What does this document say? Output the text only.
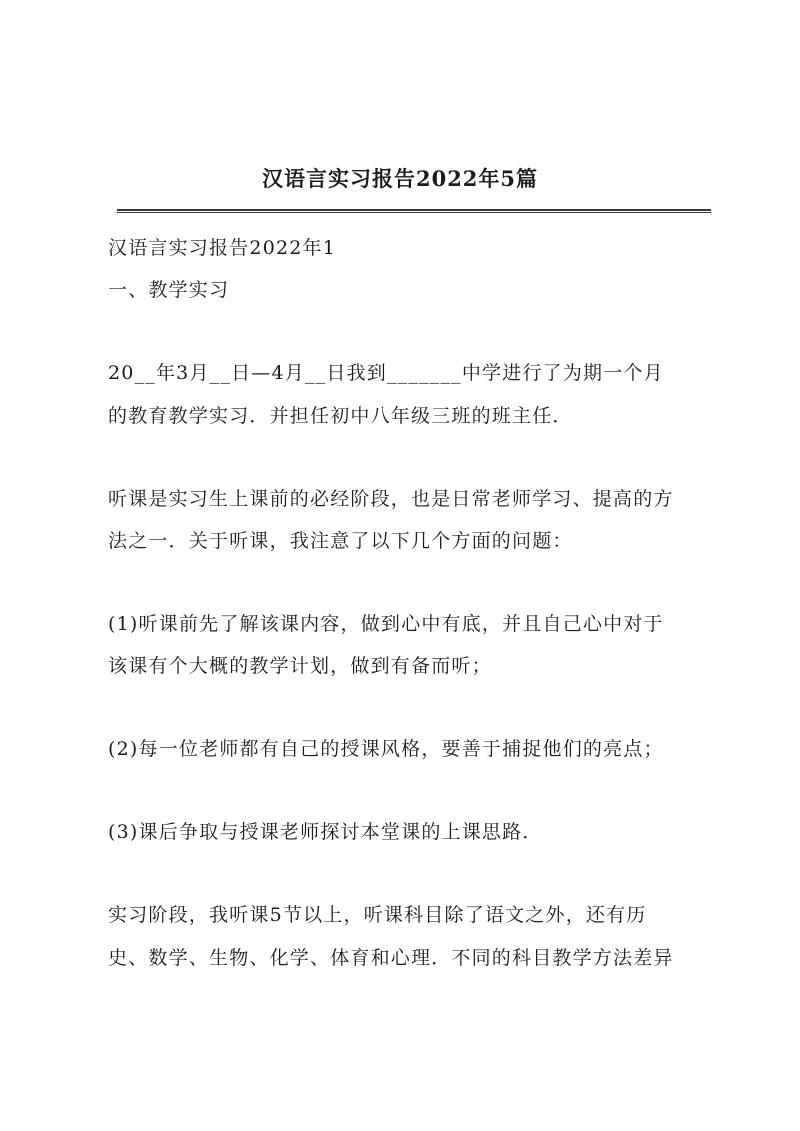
汉语言实习报告2022年5篇
汉语言实习报告2022年1
一、教学实习
20__年3月__日—4月__日我到_______中学进行了为期一个月
的教育教学实习．并担任初中八年级三班的班主任．
听课是实习生上课前的必经阶段，也是日常老师学习、提高的方
法之一．关于听课，我注意了以下几个方面的问题：
(1)听课前先了解该课内容，做到心中有底，并且自己心中对于
该课有个大概的教学计划，做到有备而听；
(2)每一位老师都有自己的授课风格，要善于捕捉他们的亮点；
(3)课后争取与授课老师探讨本堂课的上课思路．
实习阶段，我听课5节以上，听课科目除了语文之外，还有历
史、数学、生物、化学、体育和心理．不同的科目教学方法差异
